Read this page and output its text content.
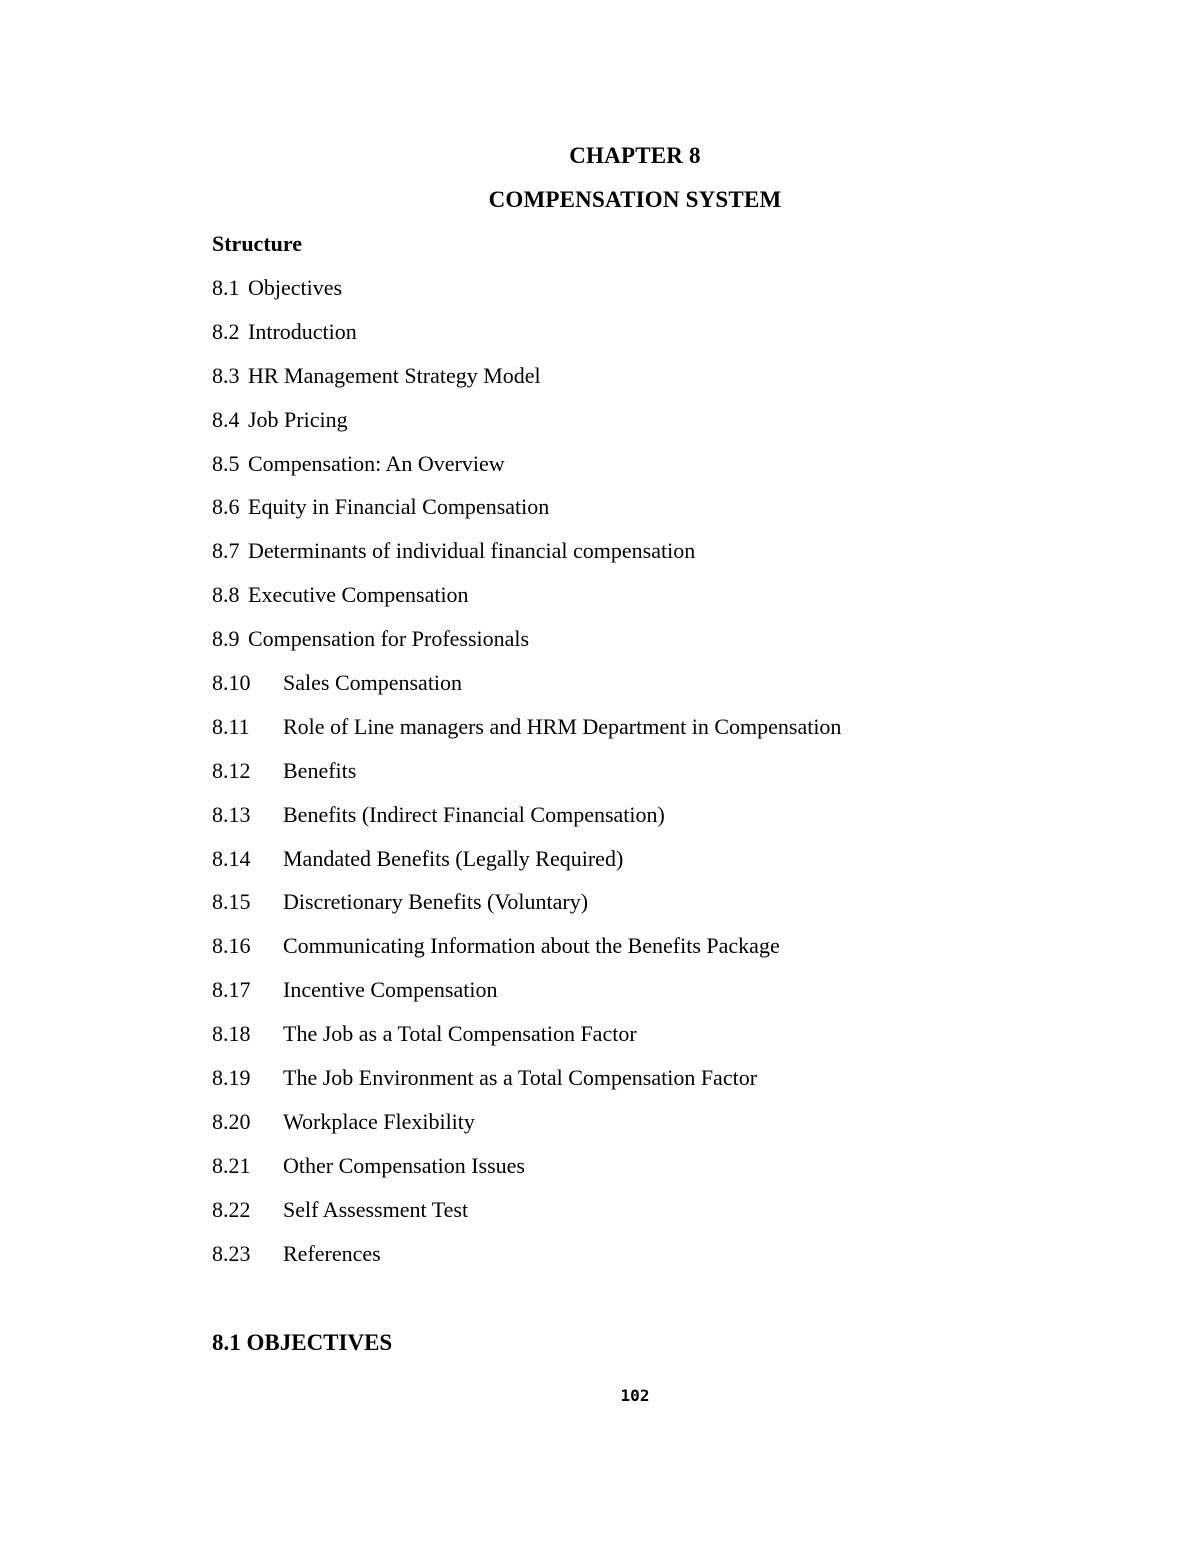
CHAPTER 8
COMPENSATION SYSTEM
Structure
8.1 Objectives
8.2 Introduction
8.3 HR Management Strategy Model
8.4 Job Pricing
8.5 Compensation: An Overview
8.6 Equity in Financial Compensation
8.7 Determinants of individual financial compensation
8.8 Executive Compensation
8.9 Compensation for Professionals
8.10	Sales Compensation
8.11	Role of Line managers and HRM Department in Compensation
8.12	Benefits
8.13	Benefits (Indirect Financial Compensation)
8.14	Mandated Benefits (Legally Required)
8.15	Discretionary Benefits (Voluntary)
8.16	Communicating Information about the Benefits Package
8.17	Incentive Compensation
8.18	The Job as a Total Compensation Factor
8.19	The Job Environment as a Total Compensation Factor
8.20	Workplace Flexibility
8.21	Other Compensation Issues
8.22	Self Assessment Test
8.23	References
8.1 OBJECTIVES
102
